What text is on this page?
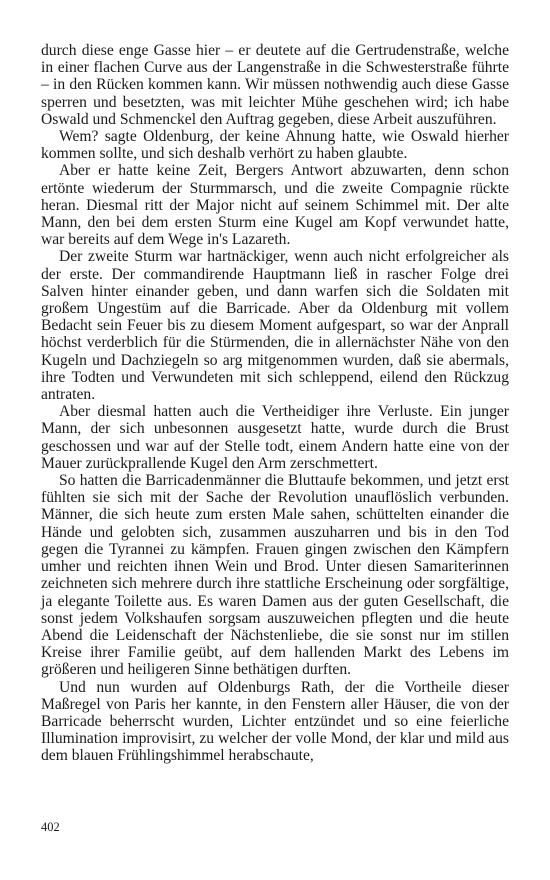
durch diese enge Gasse hier – er deutete auf die Gertrudenstraße, welche in einer flachen Curve aus der Langenstraße in die Schwesterstraße führte – in den Rücken kommen kann. Wir müssen nothwendig auch diese Gasse sperren und besetzten, was mit leichter Mühe geschehen wird; ich habe Oswald und Schmenckel den Auftrag gegeben, diese Arbeit auszuführen.

Wem? sagte Oldenburg, der keine Ahnung hatte, wie Oswald hierher kommen sollte, und sich deshalb verhört zu haben glaubte.

Aber er hatte keine Zeit, Bergers Antwort abzuwarten, denn schon ertönte wiederum der Sturmmarsch, und die zweite Compagnie rückte heran. Diesmal ritt der Major nicht auf seinem Schimmel mit. Der alte Mann, den bei dem ersten Sturm eine Kugel am Kopf verwundet hatte, war bereits auf dem Wege in's Lazareth.

Der zweite Sturm war hartnäckiger, wenn auch nicht erfolgreicher als der erste. Der commandirende Hauptmann ließ in rascher Folge drei Salven hinter einander geben, und dann warfen sich die Soldaten mit großem Ungestüm auf die Barricade. Aber da Oldenburg mit vollem Bedacht sein Feuer bis zu diesem Moment aufgespart, so war der Anprall höchst verderblich für die Stürmenden, die in allernächster Nähe von den Kugeln und Dachziegeln so arg mitgenommen wurden, daß sie abermals, ihre Todten und Verwundeten mit sich schleppend, eilend den Rückzug antraten.

Aber diesmal hatten auch die Vertheidiger ihre Verluste. Ein junger Mann, der sich unbesonnen ausgesetzt hatte, wurde durch die Brust geschossen und war auf der Stelle todt, einem Andern hatte eine von der Mauer zurückprallende Kugel den Arm zerschmettert.

So hatten die Barricadenmänner die Bluttaufe bekommen, und jetzt erst fühlten sie sich mit der Sache der Revolution unauflöslich verbunden. Männer, die sich heute zum ersten Male sahen, schüttelten einander die Hände und gelobten sich, zusammen auszuharren und bis in den Tod gegen die Tyrannei zu kämpfen. Frauen gingen zwischen den Kämpfern umher und reichten ihnen Wein und Brod. Unter diesen Samariterinnen zeichneten sich mehrere durch ihre stattliche Erscheinung oder sorgfältige, ja elegante Toilette aus. Es waren Damen aus der guten Gesellschaft, die sonst jedem Volkshaufen sorgsam auszuweichen pflegten und die heute Abend die Leidenschaft der Nächstenliebe, die sie sonst nur im stillen Kreise ihrer Familie geübt, auf dem hallenden Markt des Lebens im größeren und heiligeren Sinne bethätigen durften.

Und nun wurden auf Oldenburgs Rath, der die Vortheile dieser Maßregel von Paris her kannte, in den Fenstern aller Häuser, die von der Barricade beherrscht wurden, Lichter entzündet und so eine feierliche Illumination improvisirt, zu welcher der volle Mond, der klar und mild aus dem blauen Frühlingshimmel herabschaute,

402
